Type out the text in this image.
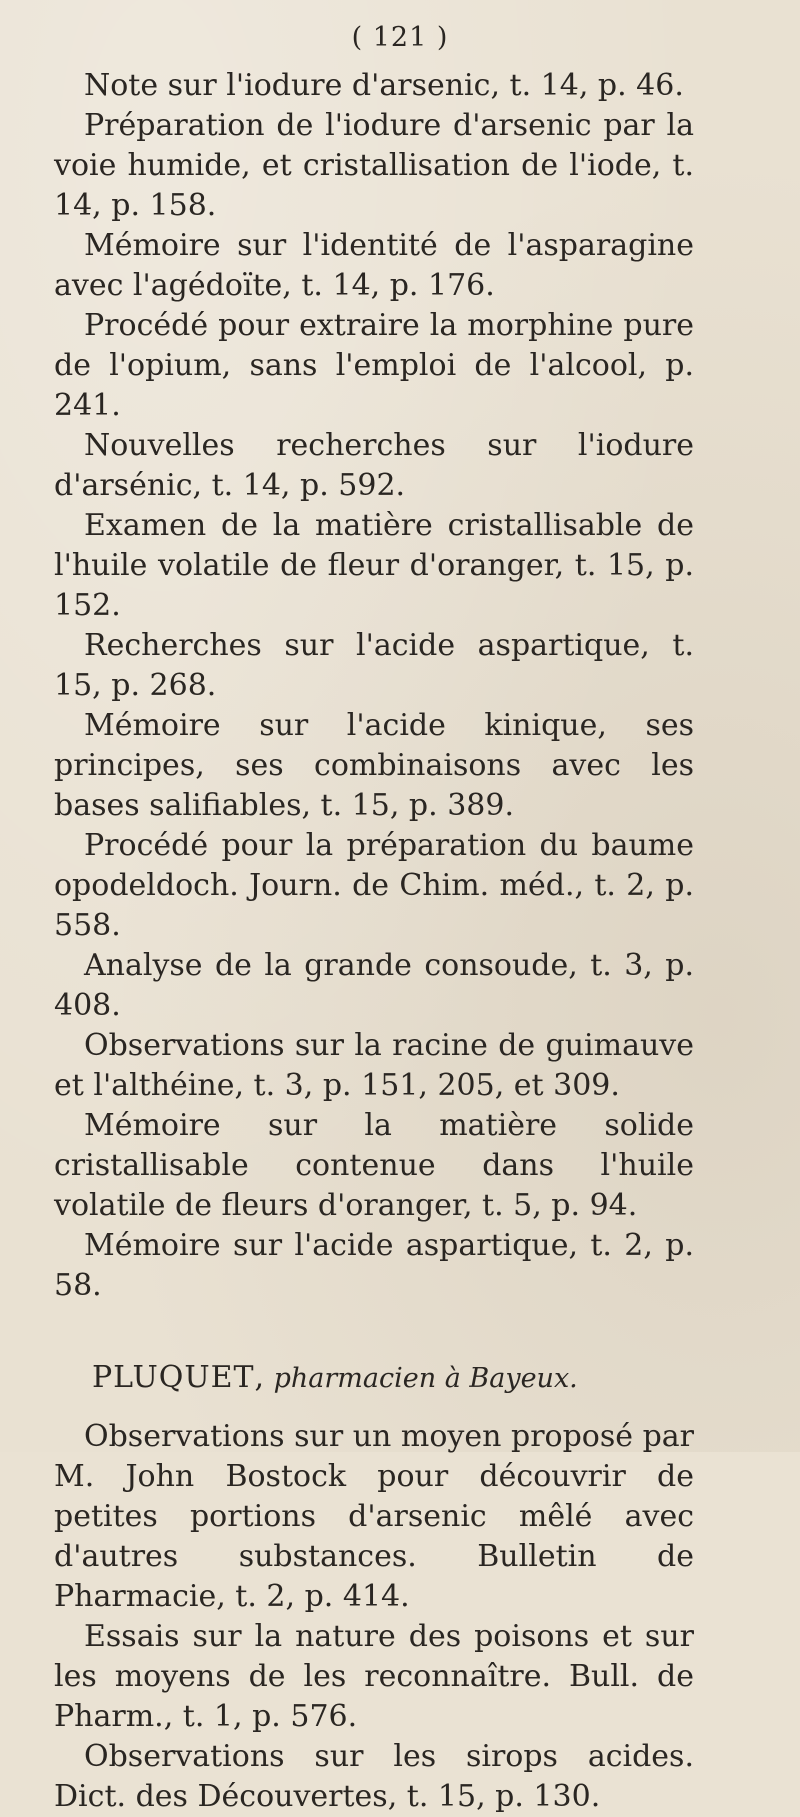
( 121 )

Note sur l'iodure d'arsenic, t. 14, p. 46.

Préparation de l'iodure d'arsenic par la voie humide, et cristallisation de l'iode, t. 14, p. 158.

Mémoire sur l'identité de l'asparagine avec l'agédoïte, t. 14, p. 176.

Procédé pour extraire la morphine pure de l'opium, sans l'emploi de l'alcool, p. 241.

Nouvelles recherches sur l'iodure d'arsénic, t. 14, p. 592.

Examen de la matière cristallisable de l'huile volatile de fleur d'oranger, t. 15, p. 152.

Recherches sur l'acide aspartique, t. 15, p. 268.

Mémoire sur l'acide kinique, ses principes, ses combinaisons avec les bases salifiables, t. 15, p. 389.

Procédé pour la préparation du baume opodeldoch. Journ. de Chim. méd., t. 2, p. 558.

Analyse de la grande consoude, t. 3, p. 408.

Observations sur la racine de guimauve et l'althéine, t. 3, p. 151, 205, et 309.

Mémoire sur la matière solide cristallisable contenue dans l'huile volatile de fleurs d'oranger, t. 5, p. 94.

Mémoire sur l'acide aspartique, t. 2, p. 58.

PLUQUET, pharmacien à Bayeux.

Observations sur un moyen proposé par M. John Bostock pour découvrir de petites portions d'arsenic mêlé avec d'autres substances. Bulletin de Pharmacie, t. 2, p. 414.

Essais sur la nature des poisons et sur les moyens de les reconnaître. Bull. de Pharm., t. 1, p. 576.

Observations sur les sirops acides. Dict. des Découvertes, t. 15, p. 130.
